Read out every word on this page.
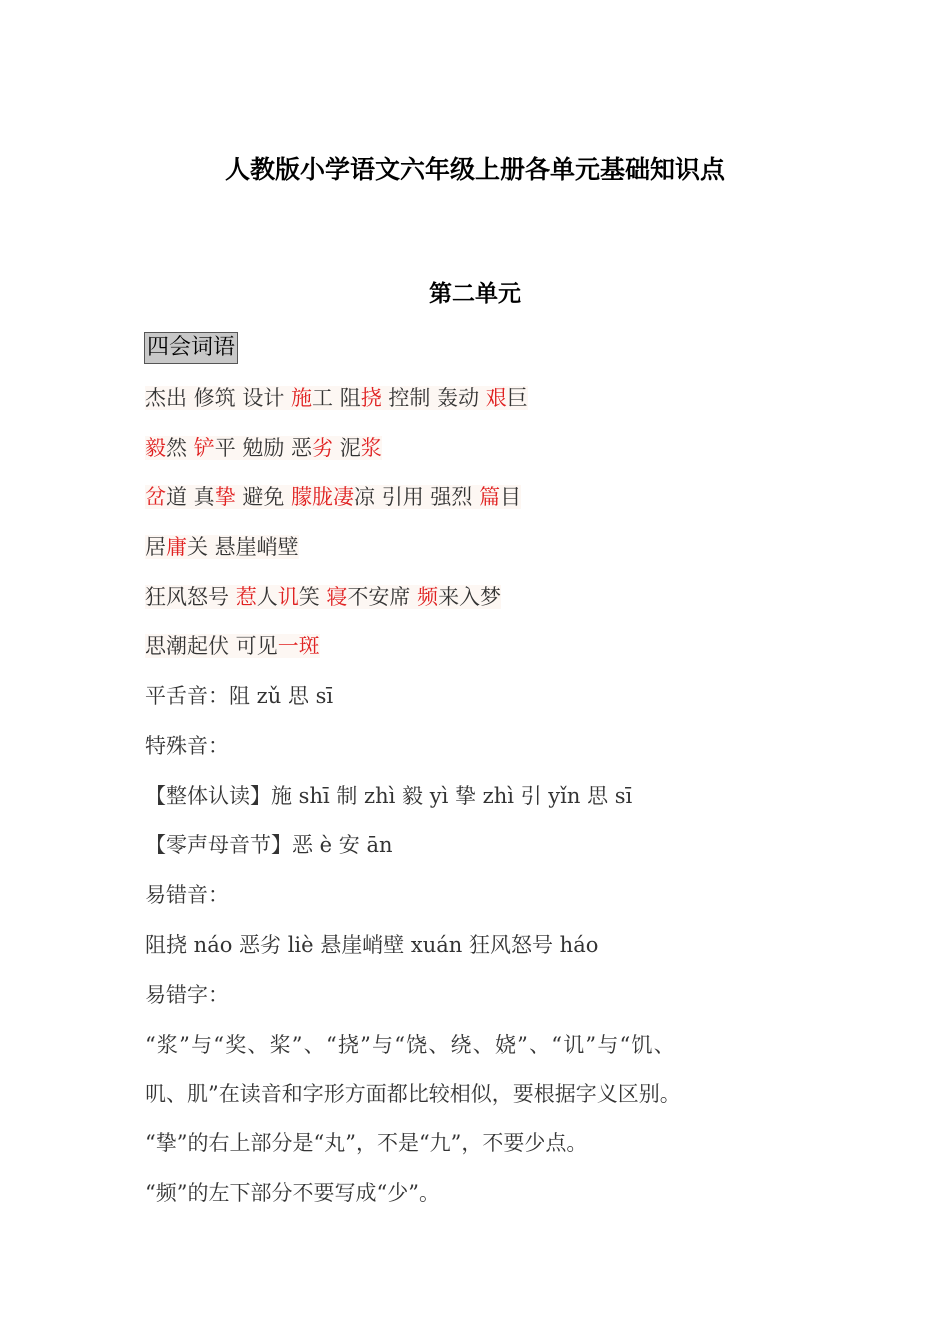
人教版小学语文六年级上册各单元基础知识点
第二单元
四会词语
杰出 修筑 设计 施工 阻挠 控制 轰动 艰巨
毅然 铲平 勉励 恶劣 泥浆
岔道 真挚 避免 朦胧凄凉 引用 强烈 篇目
居庸关 悬崖峭壁
狂风怒号 惹人讥笑 寝不安席 频来入梦
思潮起伏 可见一斑
平舌音：阻 zǔ 思 sī
特殊音：
【整体认读】施 shī 制 zhì 毅 yì 挚 zhì 引 yǐn 思 sī
【零声母音节】恶 è 安 ān
易错音：
阻挠 náo 恶劣 liè 悬崖峭壁 xuán 狂风怒号 háo
易错字：
“浆”与“奖、桨”、“挠”与“饶、绕、娆”、“讥”与“饥、
叽、肌”在读音和字形方面都比较相似，要根据字义区别。
“挚”的右上部分是“丸”，不是“九”，不要少点。
“频”的左下部分不要写成“少”。
